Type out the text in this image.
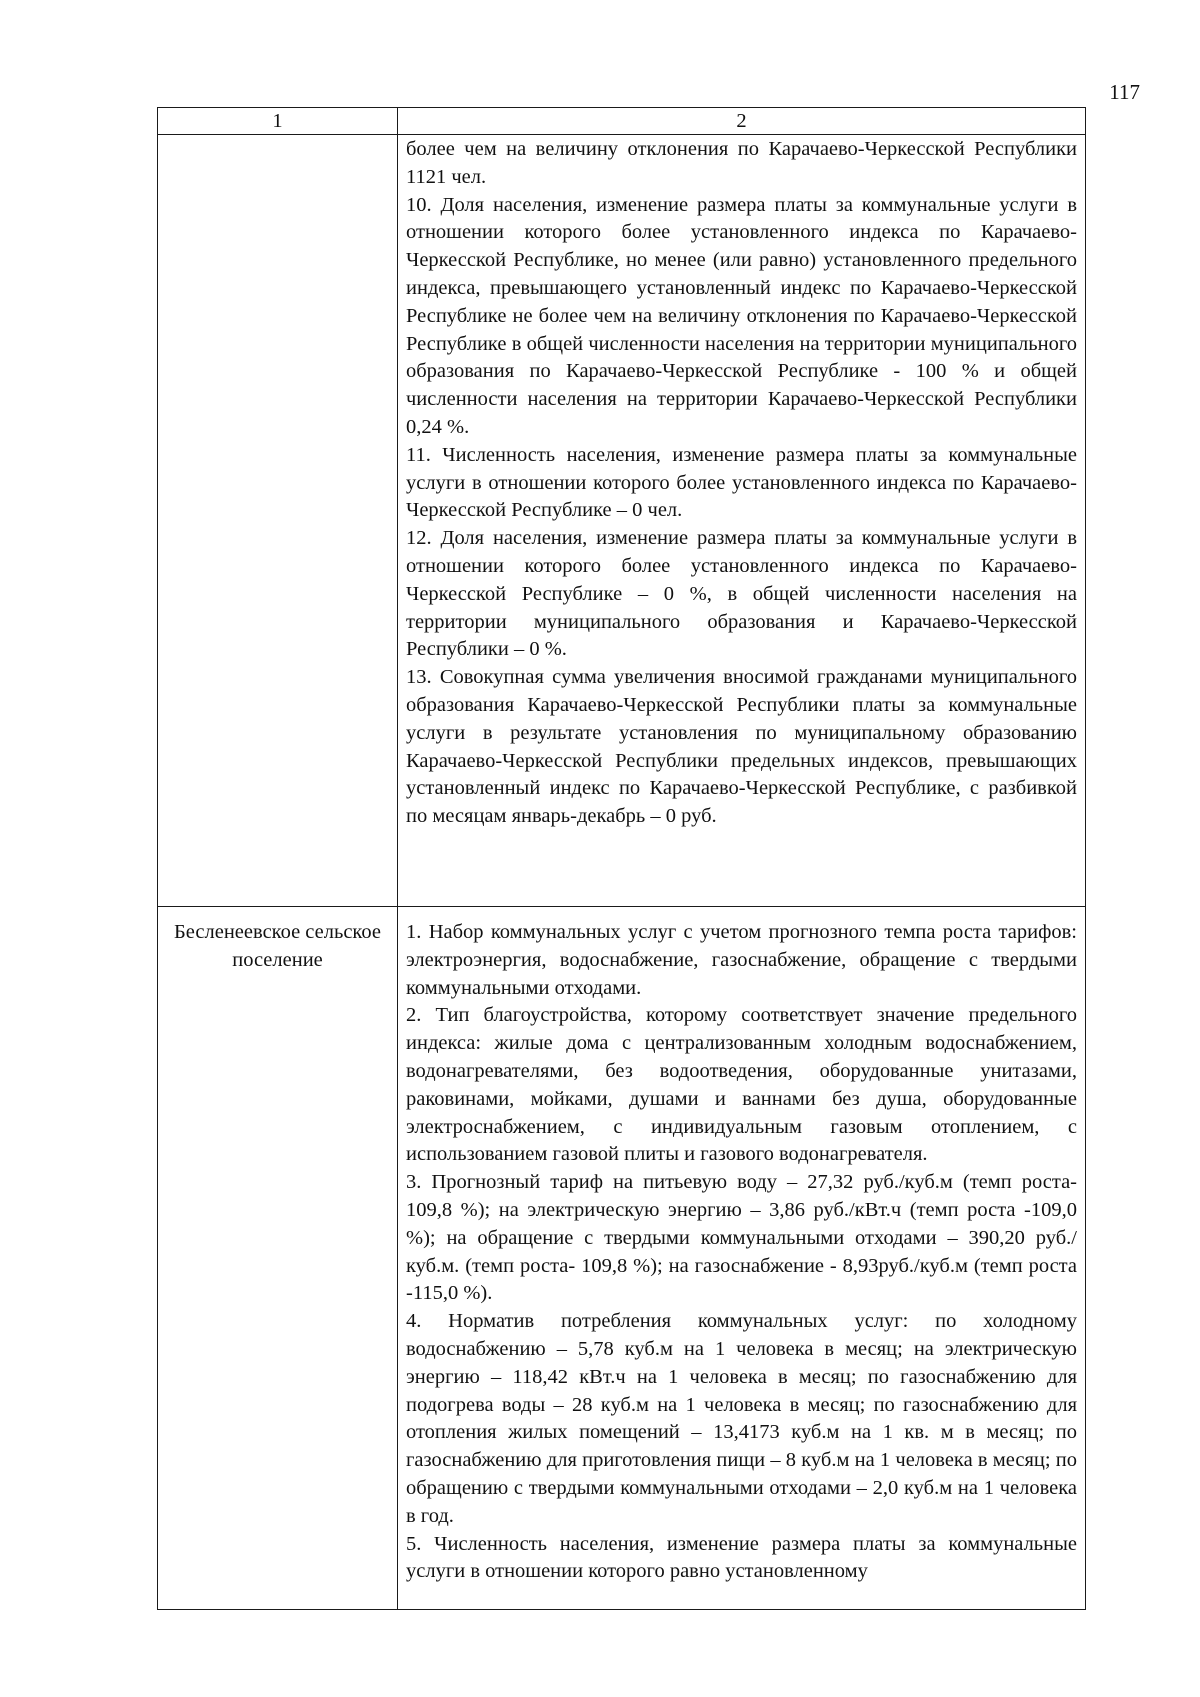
117
1	2

	более чем на величину отклонения по Карачаево-Черкесской Республики 1121 чел.

10. Доля населения, изменение размера платы за коммунальные услуги в отношении которого более установленного индекса по Карачаево-Черкесской Республике, но менее (или равно) установленного предельного индекса, превышающего установленный индекс по Карачаево-Черкесской Республике не более чем на величину отклонения по Карачаево-Черкесской Республике в общей численности населения на территории муниципального образования по Карачаево-Черкесской Республике - 100 % и общей численности населения на территории Карачаево-Черкесской Республики 0,24 %.

11. Численность населения, изменение размера платы за коммунальные услуги в отношении которого более установленного индекса по Карачаево-Черкесской Республике – 0 чел.

12. Доля населения, изменение размера платы за коммунальные услуги в отношении которого более установленного индекса по Карачаево-Черкесской Республике – 0 %, в общей численности населения на территории муниципального образования и Карачаево-Черкесской Республики – 0 %.

13. Совокупная сумма увеличения вносимой гражданами муниципального образования Карачаево-Черкесской Республики платы за коммунальные услуги в результате установления по муниципальному образованию Карачаево-Черкесской Республики предельных индексов, превышающих установленный индекс по Карачаево-Черкесской Республике, с разбивкой по месяцам январь-декабрь – 0 руб.

Бесленеевское сельское поселение	1. Набор коммунальных услуг с учетом прогнозного темпа роста тарифов: электроэнергия, водоснабжение, газоснабжение, обращение с твердыми коммунальными отходами.

2. Тип благоустройства, которому соответствует значение предельного индекса: жилые дома с централизованным холодным водоснабжением, водонагревателями, без водоотведения, оборудованные унитазами, раковинами, мойками, душами и ваннами без душа, оборудованные электроснабжением, с индивидуальным газовым отоплением, с использованием газовой плиты и газового водонагревателя.

3. Прогнозный тариф на питьевую воду – 27,32 руб./куб.м (темп роста- 109,8 %); на электрическую энергию – 3,86 руб./кВт.ч (темп роста -109,0 %); на обращение с твердыми коммунальными отходами – 390,20 руб./куб.м. (темп роста- 109,8 %); на газоснабжение - 8,93руб./куб.м (темп роста -115,0 %).

4. Норматив потребления коммунальных услуг: по холодному водоснабжению – 5,78 куб.м на 1 человека в месяц; на электрическую энергию – 118,42 кВт.ч на 1 человека в месяц; по газоснабжению для подогрева воды – 28 куб.м на 1 человека в месяц; по газоснабжению для отопления жилых помещений – 13,4173 куб.м на 1 кв. м в месяц; по газоснабжению для приготовления пищи – 8 куб.м на 1 человека в месяц; по обращению с твердыми коммунальными отходами – 2,0 куб.м на 1 человека в год.

5. Численность населения, изменение размера платы за коммунальные услуги в отношении которого равно установленному
